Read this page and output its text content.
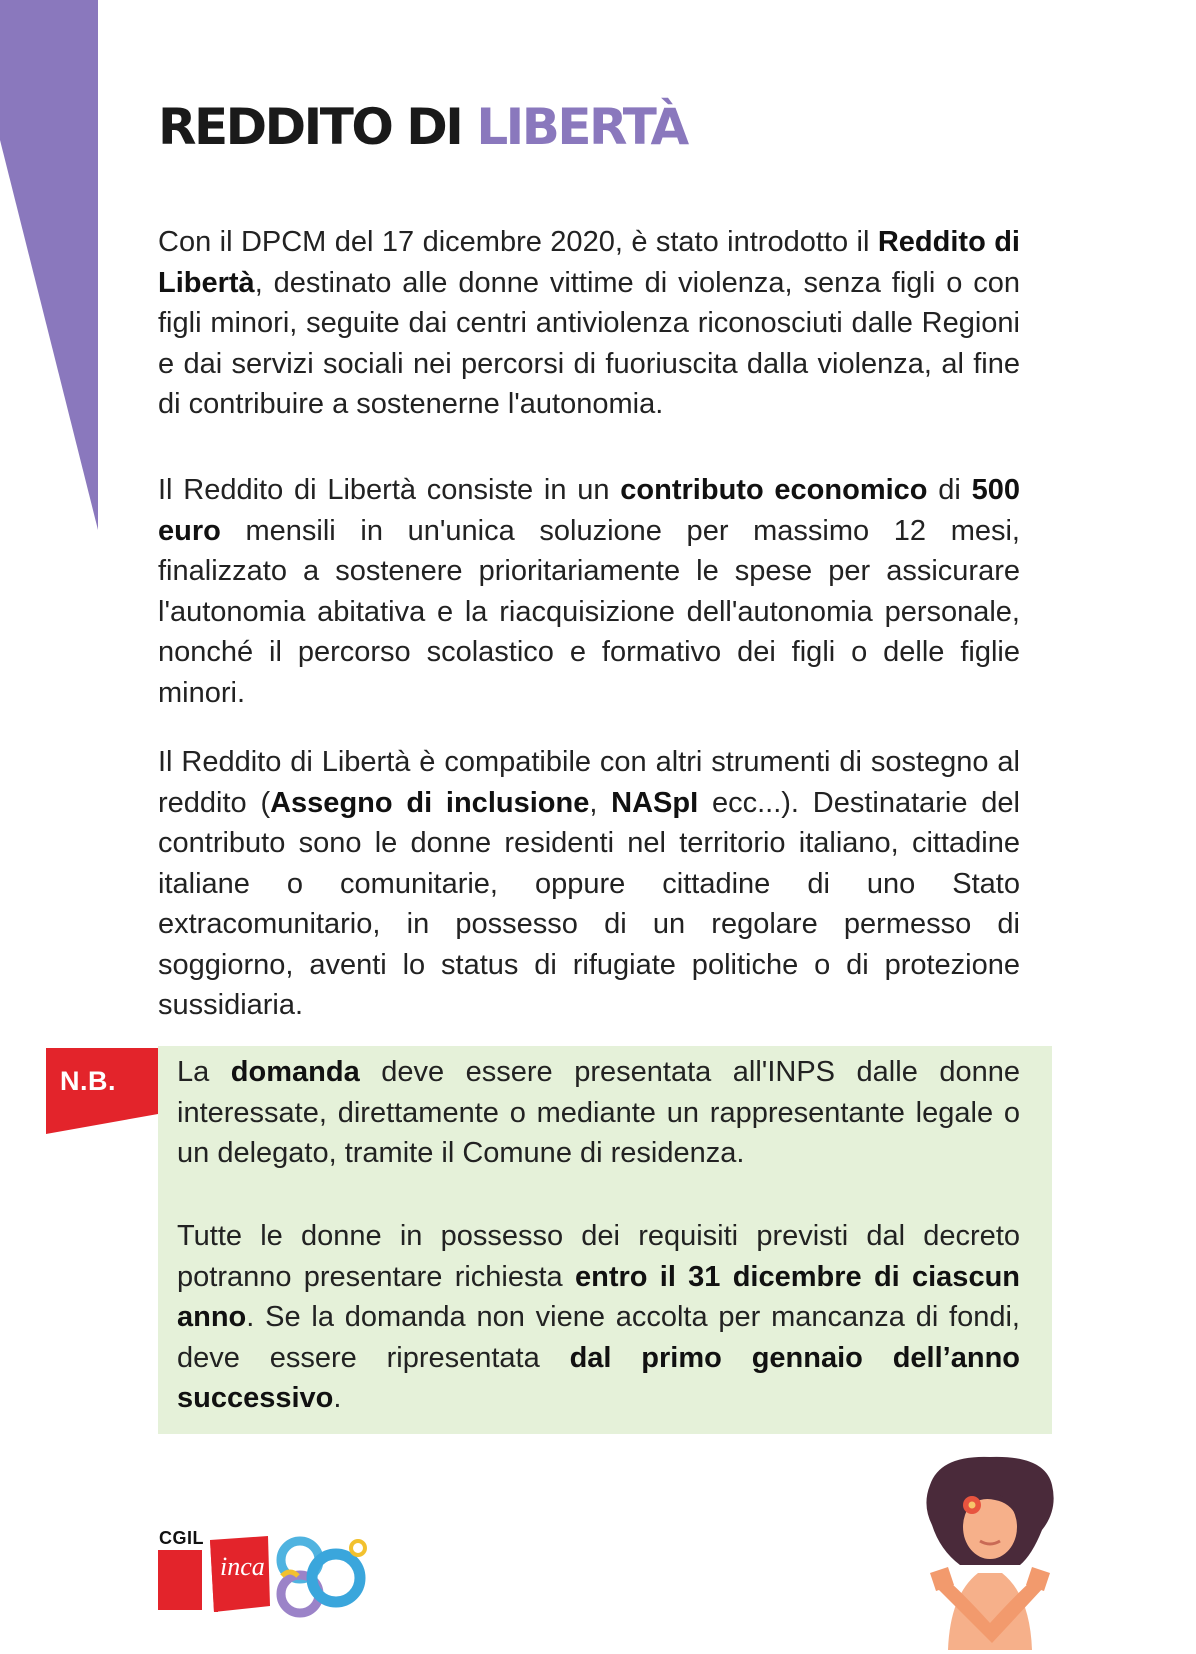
REDDITO DI LIBERTÀ

Con il DPCM del 17 dicembre 2020, è stato introdotto il Reddito di Libertà, destinato alle donne vittime di violenza, senza figli o con figli minori, seguite dai centri antiviolenza riconosciuti dalle Regioni e dai servizi sociali nei percorsi di fuoriuscita dalla violenza, al fine di contribuire a sostenerne l'autonomia.

Il Reddito di Libertà consiste in un contributo economico di 500 euro mensili in un'unica soluzione per massimo 12 mesi, finalizzato a sostenere prioritariamente le spese per assicurare l'autonomia abitativa e la riacquisizione dell'autonomia personale, nonché il percorso scolastico e formativo dei figli o delle figlie minori.

Il Reddito di Libertà è compatibile con altri strumenti di sostegno al reddito (Assegno di inclusione, NASpI ecc...). Destinatarie del contributo sono le donne residenti nel territorio italiano, cittadine italiane o comunitarie, oppure cittadine di uno Stato extracomunitario, in possesso di un regolare permesso di soggiorno, aventi lo status di rifugiate politiche o di protezione sussidiaria.

N.B. La domanda deve essere presentata all'INPS dalle donne interessate, direttamente o mediante un rappresentante legale o un delegato, tramite il Comune di residenza.

Tutte le donne in possesso dei requisiti previsti dal decreto potranno presentare richiesta entro il 31 dicembre di ciascun anno. Se la domanda non viene accolta per mancanza di fondi, deve essere ripresentata dal primo gennaio dell’anno successivo.

CGIL
inca
